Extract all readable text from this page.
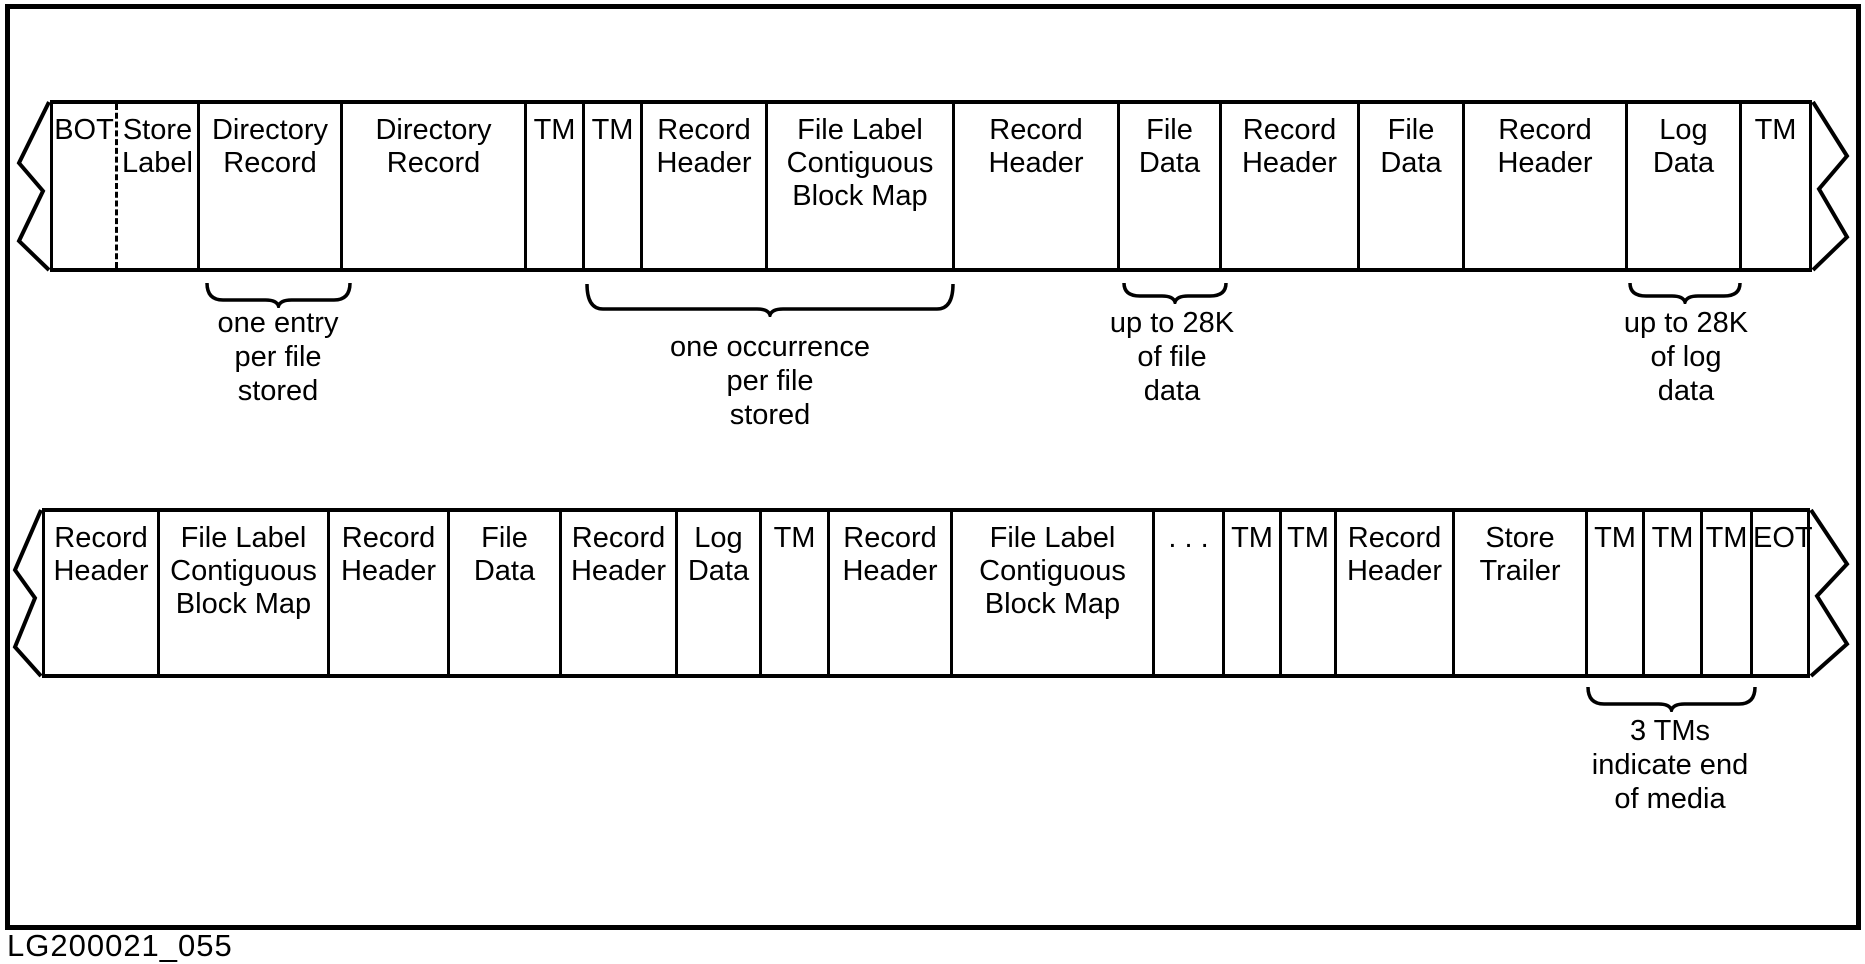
BOT Store
Label
Directory
Record
Directory
Record
TM TM Record
Header
File Label
Contiguous
Block Map
Record
Header
File
Data
Record
Header
File
Data
Record
Header
Log
Data
TM
Record
Header
File Label
Contiguous
Block Map
Record
Header
File
Data
Record
Header
Log
Data
TM Record
Header
File Label
Contiguous
Block Map
. . . TM TM Record
Header
Store
Trailer
TM TM TM EOT
one entry
per file
stored
one occurrence
per file
stored
up to 28K
of file
data
up to 28K
of log
data
3 TMs
indicate end
of media
LG200021_055
